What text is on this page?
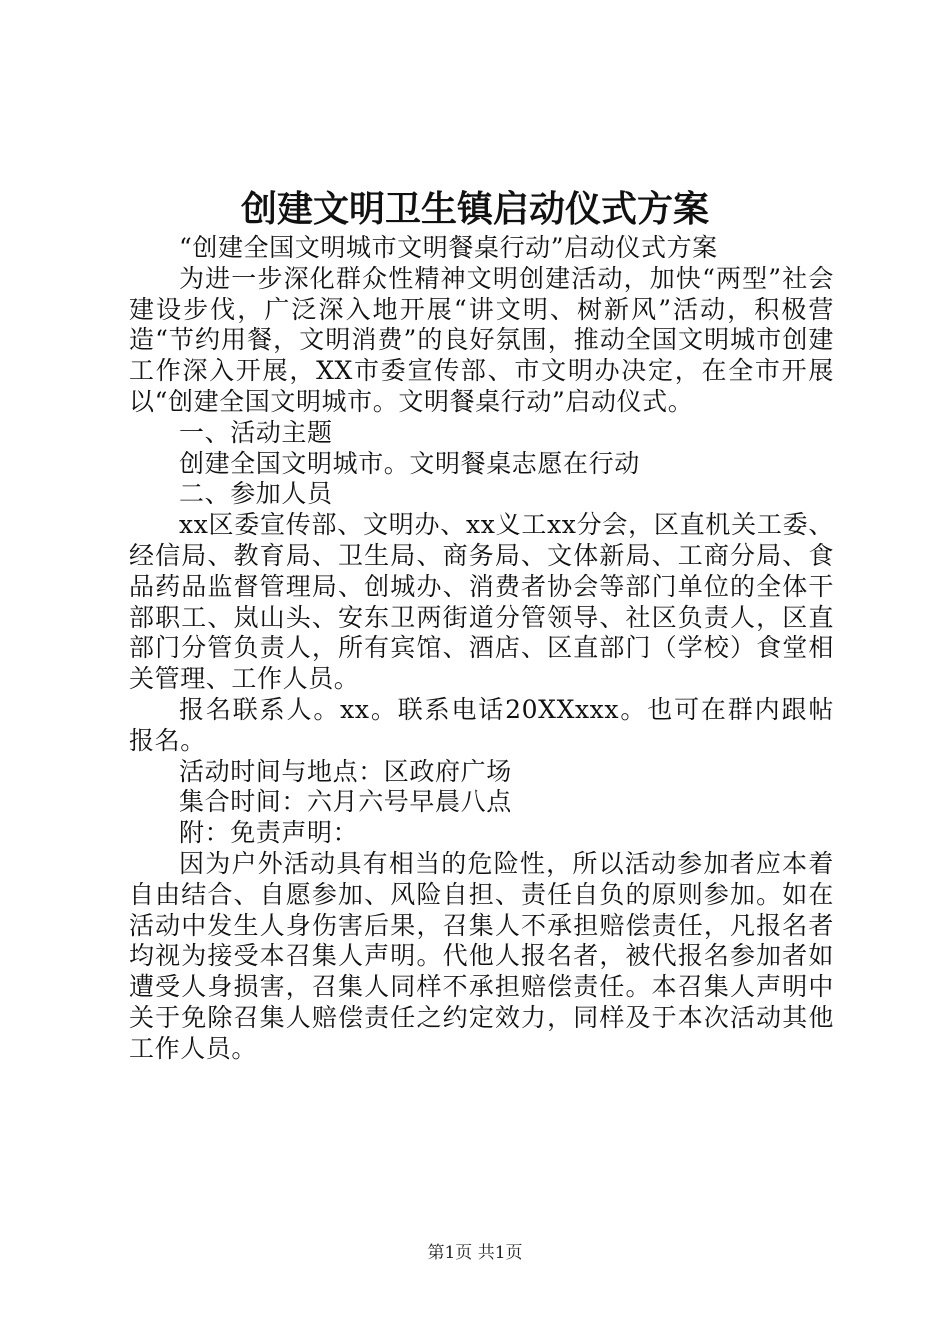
创建文明卫生镇启动仪式方案

“创建全国文明城市文明餐桌行动”启动仪式方案

为进一步深化群众性精神文明创建活动，加快“两型”社会建设步伐，广泛深入地开展“讲文明、树新风”活动，积极营造“节约用餐，文明消费”的良好氛围，推动全国文明城市创建工作深入开展，XX市委宣传部、市文明办决定，在全市开展以“创建全国文明城市。文明餐桌行动”启动仪式。

一、活动主题

创建全国文明城市。文明餐桌志愿在行动

二、参加人员

xx区委宣传部、文明办、xx义工xx分会，区直机关工委、经信局、教育局、卫生局、商务局、文体新局、工商分局、食品药品监督管理局、创城办、消费者协会等部门单位的全体干部职工、岚山头、安东卫两街道分管领导、社区负责人，区直部门分管负责人，所有宾馆、酒店、区直部门（学校）食堂相关管理、工作人员。

报名联系人。xx。联系电话20XXxxx。也可在群内跟帖报名。

活动时间与地点：区政府广场

集合时间：六月六号早晨八点

附：免责声明：

因为户外活动具有相当的危险性，所以活动参加者应本着自由结合、自愿参加、风险自担、责任自负的原则参加。如在活动中发生人身伤害后果，召集人不承担赔偿责任，凡报名者均视为接受本召集人声明。代他人报名者，被代报名参加者如遭受人身损害，召集人同样不承担赔偿责任。本召集人声明中关于免除召集人赔偿责任之约定效力，同样及于本次活动其他工作人员。

第1页 共1页
